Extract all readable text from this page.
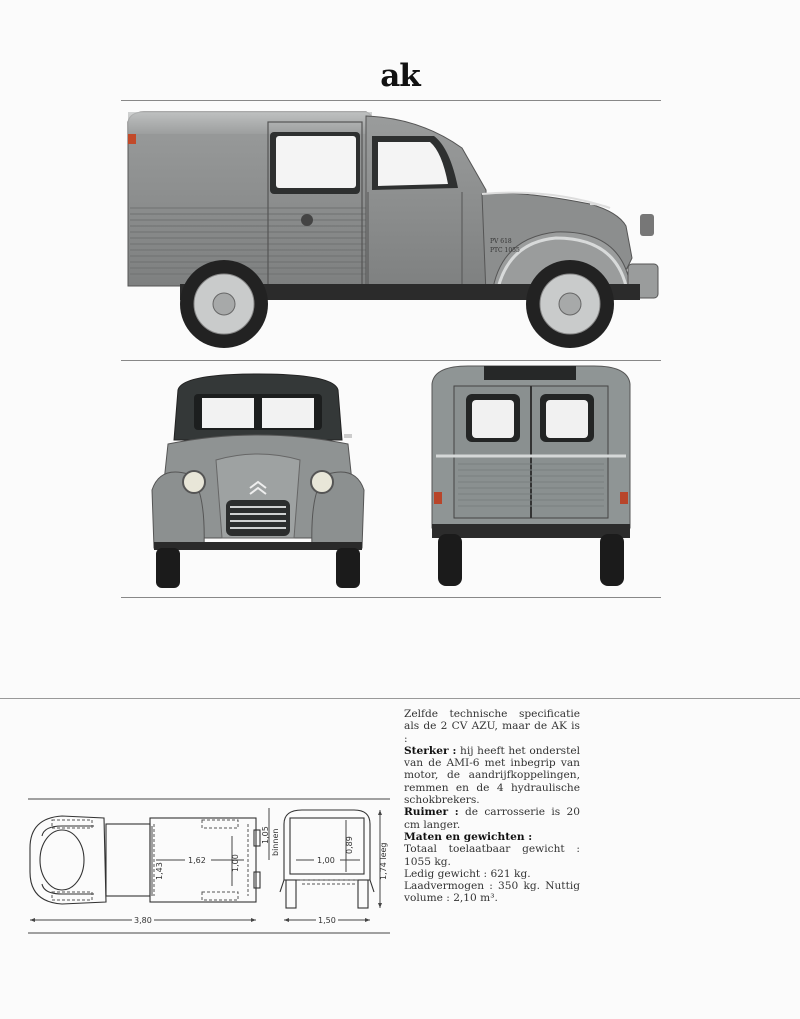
ak
PV 618
PTC 1055

Zelfde technische specificatie als de 2 CV AZU, maar de AK is :

Sterker : hij heeft het onderstel van de AMI-6 met inbegrip van motor, de aandrijfkoppelingen, remmen en de 4 hydraulische schokbrekers.

Ruimer : de carrosserie is 20 cm langer.

Maten en gewichten :

Totaal toelaatbaar gewicht : 1055 kg.

Ledig gewicht : 621 kg.

Laadvermogen : 350 kg. Nuttig volume : 2,10 m³.

1,62
1,43	1,00
1,05 binnen
3,80
1,00
0,89	1,74 leeg
1,50
